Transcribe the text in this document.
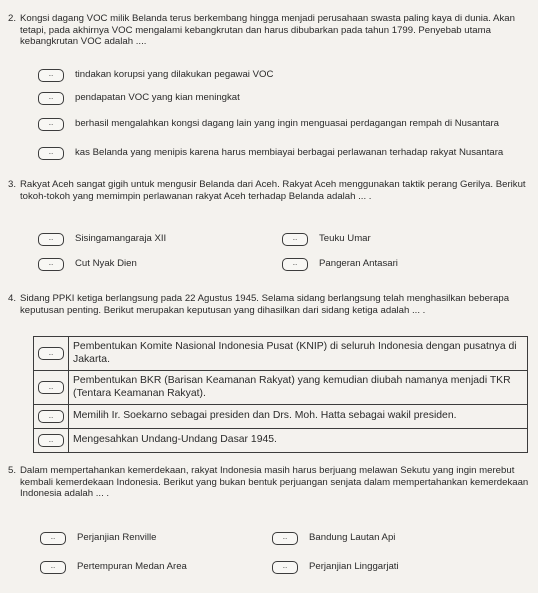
2. Kongsi dagang VOC milik Belanda terus berkembang hingga menjadi perusahaan swasta paling kaya di dunia. Akan tetapi, pada akhirnya VOC mengalami kebangkrutan dan harus dibubarkan pada tahun 1799. Penyebab utama kebangkrutan VOC adalah ....
...	tindakan korupsi yang dilakukan pegawai VOC
...	pendapatan VOC yang kian meningkat
...	berhasil mengalahkan kongsi dagang lain yang ingin menguasai perdagangan rempah di Nusantara
...	kas Belanda yang menipis karena harus membiayai berbagai perlawanan terhadap rakyat Nusantara
3. Rakyat Aceh sangat gigih untuk mengusir Belanda dari Aceh. Rakyat Aceh menggunakan taktik perang Gerilya. Berikut tokoh-tokoh yang memimpin perlawanan rakyat Aceh terhadap Belanda adalah ... .
...	Sisingamangaraja XII	...	Teuku Umar
...	Cut Nyak Dien	...	Pangeran Antasari
4. Sidang PPKI ketiga berlangsung pada 22 Agustus 1945. Selama sidang berlangsung telah menghasilkan beberapa keputusan penting. Berikut merupakan keputusan yang dihasilkan dari sidang ketiga adalah ... .
...	Pembentukan Komite Nasional Indonesia Pusat (KNIP) di seluruh Indonesia dengan pusatnya di Jakarta.

...	Pembentukan BKR (Barisan Keamanan Rakyat) yang kemudian diubah namanya menjadi TKR (Tentara Keamanan Rakyat).

...	Memilih Ir. Soekarno sebagai presiden dan Drs. Moh. Hatta sebagai wakil presiden.

...	Mengesahkan Undang-Undang Dasar 1945.
5. Dalam mempertahankan kemerdekaan, rakyat Indonesia masih harus berjuang melawan Sekutu yang ingin merebut kembali kemerdekaan Indonesia. Berikut yang bukan bentuk perjuangan senjata dalam mempertahankan kemerdekaan Indonesia adalah ... .
...	Perjanjian Renville	...	Bandung Lautan Api
...	Pertempuran Medan Area	...	Perjanjian Linggarjati
